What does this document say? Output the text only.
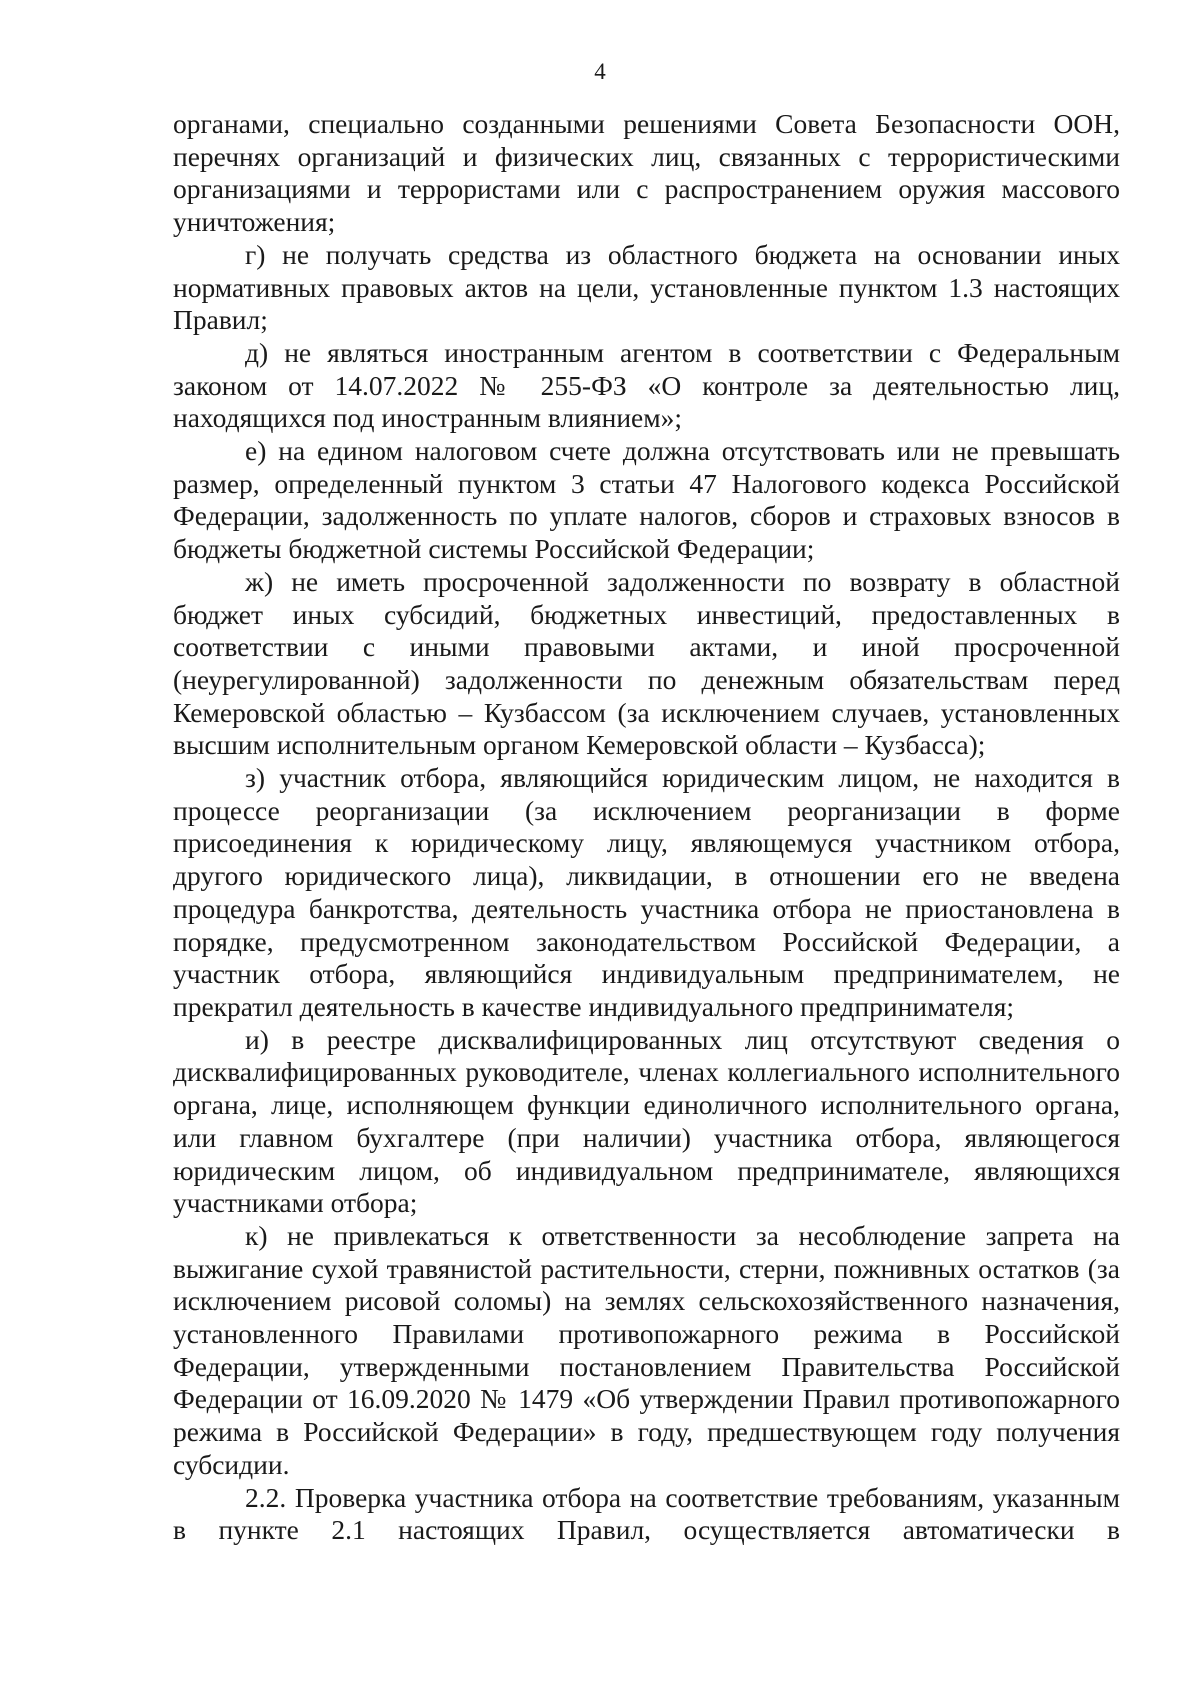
4

органами, специально созданными решениями Совета Безопасности ООН, перечнях организаций и физических лиц, связанных с террористическими организациями и террористами или с распространением оружия массового уничтожения;

г) не получать средства из областного бюджета на основании иных нормативных правовых актов на цели, установленные пунктом 1.3 настоящих Правил;

д) не являться иностранным агентом в соответствии с Федеральным законом от 14.07.2022 № 255-ФЗ «О контроле за деятельностью лиц, находящихся под иностранным влиянием»;

е) на едином налоговом счете должна отсутствовать или не превышать размер, определенный пунктом 3 статьи 47 Налогового кодекса Российской Федерации, задолженность по уплате налогов, сборов и страховых взносов в бюджеты бюджетной системы Российской Федерации;

ж) не иметь просроченной задолженности по возврату в областной бюджет иных субсидий, бюджетных инвестиций, предоставленных в соответствии с иными правовыми актами, и иной просроченной (неурегулированной) задолженности по денежным обязательствам перед Кемеровской областью – Кузбассом (за исключением случаев, установленных высшим исполнительным органом Кемеровской области – Кузбасса);

з) участник отбора, являющийся юридическим лицом, не находится в процессе реорганизации (за исключением реорганизации в форме присоединения к юридическому лицу, являющемуся участником отбора, другого юридического лица), ликвидации, в отношении его не введена процедура банкротства, деятельность участника отбора не приостановлена в порядке, предусмотренном законодательством Российской Федерации, а участник отбора, являющийся индивидуальным предпринимателем, не прекратил деятельность в качестве индивидуального предпринимателя;

и) в реестре дисквалифицированных лиц отсутствуют сведения о дисквалифицированных руководителе, членах коллегиального исполнительного органа, лице, исполняющем функции единоличного исполнительного органа, или главном бухгалтере (при наличии) участника отбора, являющегося юридическим лицом, об индивидуальном предпринимателе, являющихся участниками отбора;

к) не привлекаться к ответственности за несоблюдение запрета на выжигание сухой травянистой растительности, стерни, пожнивных остатков (за исключением рисовой соломы) на землях сельскохозяйственного назначения, установленного Правилами противопожарного режима в Российской Федерации, утвержденными постановлением Правительства Российской Федерации от 16.09.2020 № 1479 «Об утверждении Правил противопожарного режима в Российской Федерации» в году, предшествующем году получения субсидии.

2.2. Проверка участника отбора на соответствие требованиям, указанным в пункте 2.1 настоящих Правил, осуществляется автоматически в
